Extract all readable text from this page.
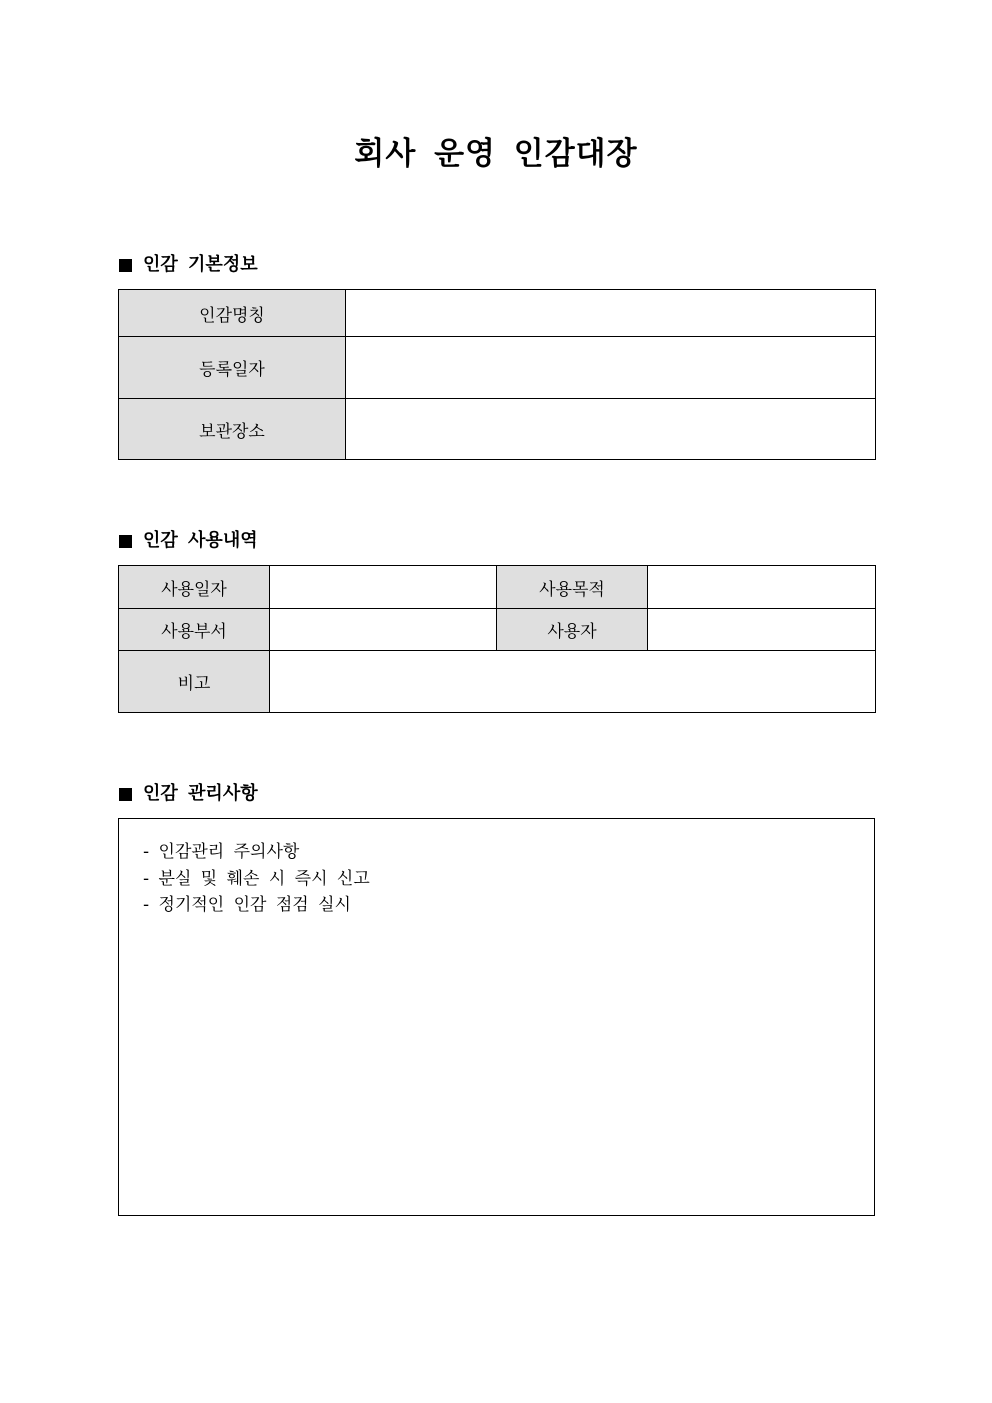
회사 운영 인감대장
인감 기본정보
인감명칭	
등록일자	
보관장소	
인감 사용내역
사용일자		사용목적	
사용부서		사용자	
비고			
인감 관리사항
- 인감관리 주의사항
- 분실 및 훼손 시 즉시 신고
- 정기적인 인감 점검 실시
